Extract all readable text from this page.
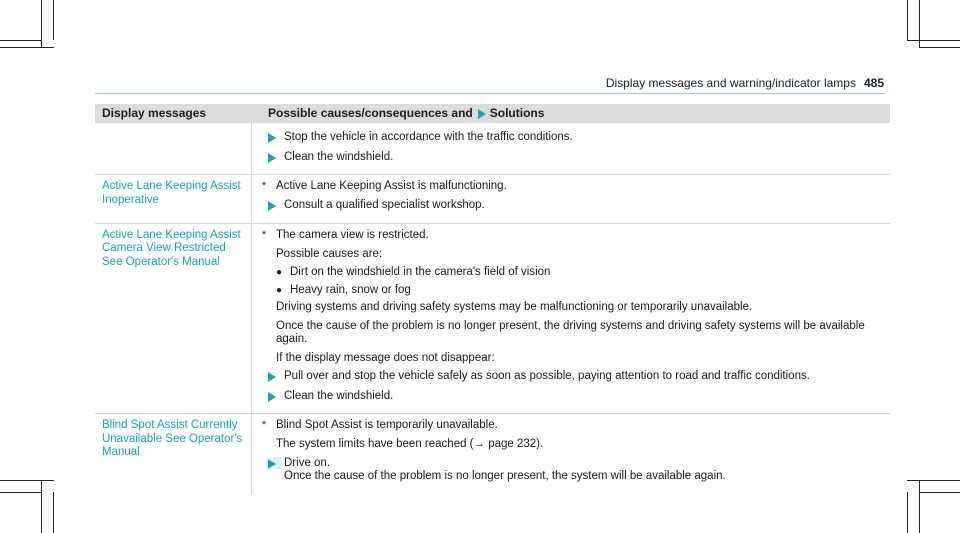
Display messages and warning/indicator lamps 485
Display messages	Possible causes/consequences and Solutions
Stop the vehicle in accordance with the traffic conditions.
Clean the windshield.
Active Lane Keeping Assist
Inoperative
* Active Lane Keeping Assist is malfunctioning.
Consult a qualified specialist workshop.
Active Lane Keeping Assist
Camera View Restricted
See Operator's Manual
* The camera view is restricted.
Possible causes are:
● Dirt on the windshield in the camera's field of vision
● Heavy rain, snow or fog
Driving systems and driving safety systems may be malfunctioning or temporarily unavailable.
Once the cause of the problem is no longer present, the driving systems and driving safety systems will be available again.
If the display message does not disappear:
Pull over and stop the vehicle safely as soon as possible, paying attention to road and traffic conditions.
Clean the windshield.
Blind Spot Assist Currently
Unavailable See Operator's
Manual
* Blind Spot Assist is temporarily unavailable.
The system limits have been reached (→ page 232).
Drive on.
Once the cause of the problem is no longer present, the system will be available again.
